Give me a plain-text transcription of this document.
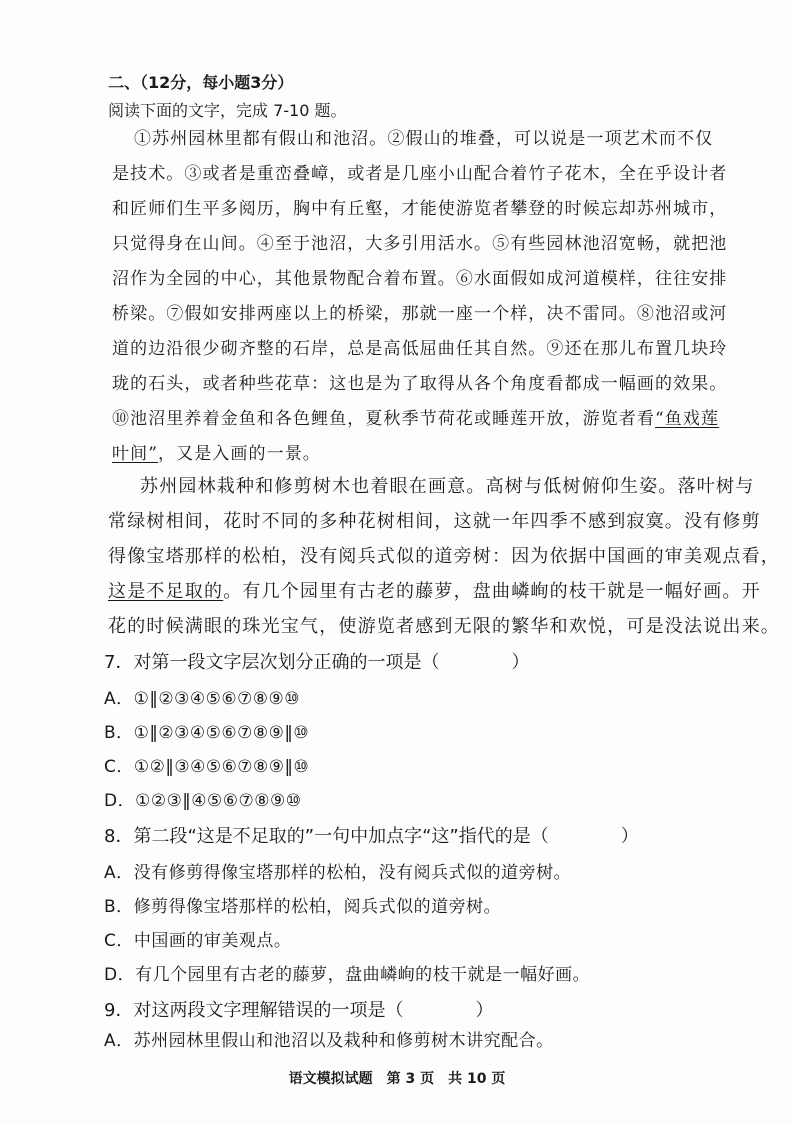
二、（12分，每小题3分）
阅读下面的文字，完成 7-10 题。
①苏州园林里都有假山和池沼。②假山的堆叠，可以说是一项艺术而不仅
是技术。③或者是重峦叠嶂，或者是几座小山配合着竹子花木，全在乎设计者
和匠师们生平多阅历，胸中有丘壑，才能使游览者攀登的时候忘却苏州城市，
只觉得身在山间。④至于池沼，大多引用活水。⑤有些园林池沼宽畅，就把池
沼作为全园的中心，其他景物配合着布置。⑥水面假如成河道模样，往往安排
桥梁。⑦假如安排两座以上的桥梁，那就一座一个样，决不雷同。⑧池沼或河
道的边沿很少砌齐整的石岸，总是高低屈曲任其自然。⑨还在那儿布置几块玲
珑的石头，或者种些花草：这也是为了取得从各个角度看都成一幅画的效果。
⑩池沼里养着金鱼和各色鲤鱼，夏秋季节荷花或睡莲开放，游览者看“鱼戏莲
叶间”，又是入画的一景。
苏州园林栽种和修剪树木也着眼在画意。高树与低树俯仰生姿。落叶树与
常绿树相间，花时不同的多种花树相间，这就一年四季不感到寂寞。没有修剪
得像宝塔那样的松柏，没有阅兵式似的道旁树：因为依据中国画的审美观点看，
这是不足取的。有几个园里有古老的藤萝，盘曲嶙峋的枝干就是一幅好画。开
花的时候满眼的珠光宝气，使游览者感到无限的繁华和欢悦，可是没法说出来。
7．对第一段文字层次划分正确的一项是（　　　　）
A．①‖②③④⑤⑥⑦⑧⑨⑩
B．①‖②③④⑤⑥⑦⑧⑨‖⑩
C．①②‖③④⑤⑥⑦⑧⑨‖⑩
D．①②③‖④⑤⑥⑦⑧⑨⑩
8．第二段“这是不足取的”一句中加点字“这”指代的是（　　　　）
A．没有修剪得像宝塔那样的松柏，没有阅兵式似的道旁树。
B．修剪得像宝塔那样的松柏，阅兵式似的道旁树。
C．中国画的审美观点。
D．有几个园里有古老的藤萝，盘曲嶙峋的枝干就是一幅好画。
9．对这两段文字理解错误的一项是（　　　　）
A．苏州园林里假山和池沼以及栽种和修剪树木讲究配合。
语文模拟试题　第 3 页　共 10 页
